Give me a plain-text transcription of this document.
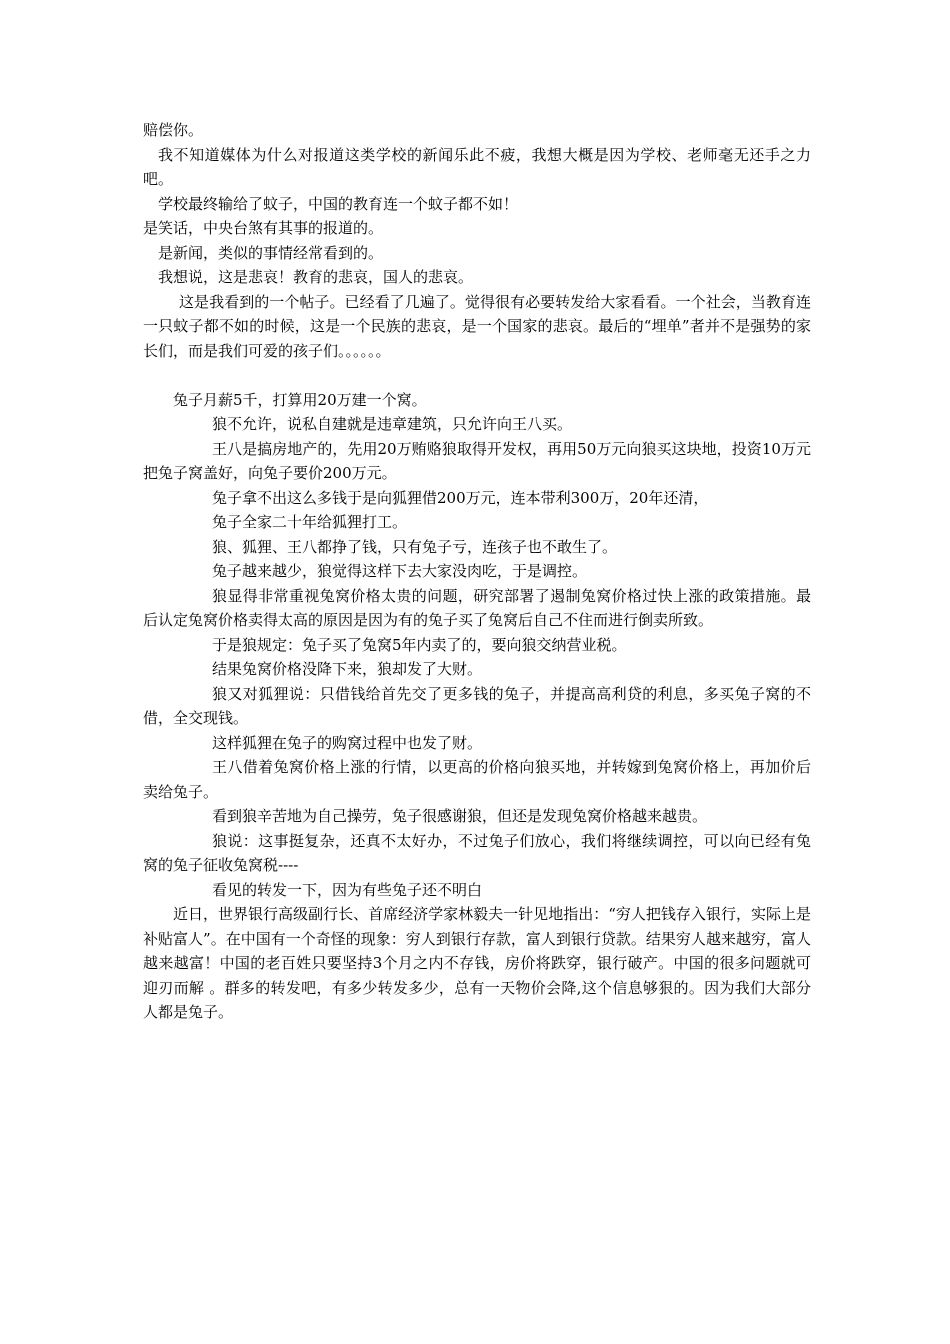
赔偿你。

我不知道媒体为什么对报道这类学校的新闻乐此不疲，我想大概是因为学校、老师毫无还手之力吧。

学校最终输给了蚊子，中国的教育连一个蚊子都不如！

是笑话，中央台煞有其事的报道的。

是新闻，类似的事情经常看到的。

我想说，这是悲哀！教育的悲哀，国人的悲哀。

这是我看到的一个帖子。已经看了几遍了。觉得很有必要转发给大家看看。一个社会，当教育连一只蚊子都不如的时候，这是一个民族的悲哀，是一个国家的悲哀。最后的“埋单”者并不是强势的家长们，而是我们可爱的孩子们。。。。。。

兔子月薪5千，打算用20万建一个窝。

狼不允许，说私自建就是违章建筑，只允许向王八买。

王八是搞房地产的，先用20万贿赂狼取得开发权，再用50万元向狼买这块地，投资10万元把兔子窝盖好，向兔子要价200万元。

兔子拿不出这么多钱于是向狐狸借200万元，连本带利300万，20年还清，

兔子全家二十年给狐狸打工。

狼、狐狸、王八都挣了钱，只有兔子亏，连孩子也不敢生了。

兔子越来越少，狼觉得这样下去大家没肉吃，于是调控。

狼显得非常重视兔窝价格太贵的问题，研究部署了遏制兔窝价格过快上涨的政策措施。最后认定兔窝价格卖得太高的原因是因为有的兔子买了兔窝后自己不住而进行倒卖所致。

于是狼规定：兔子买了兔窝5年内卖了的，要向狼交纳营业税。

结果兔窝价格没降下来，狼却发了大财。

狼又对狐狸说：只借钱给首先交了更多钱的兔子，并提高高利贷的利息，多买兔子窝的不借，全交现钱。

这样狐狸在兔子的购窝过程中也发了财。

王八借着兔窝价格上涨的行情，以更高的价格向狼买地，并转嫁到兔窝价格上，再加价后卖给兔子。

看到狼辛苦地为自己操劳，兔子很感谢狼，但还是发现兔窝价格越来越贵。

狼说：这事挺复杂，还真不太好办，不过兔子们放心，我们将继续调控，可以向已经有兔窝的兔子征收兔窝税----

看见的转发一下，因为有些兔子还不明白

近日，世界银行高级副行长、首席经济学家林毅夫一针见地指出：“穷人把钱存入银行，实际上是补贴富人”。在中国有一个奇怪的现象：穷人到银行存款，富人到银行贷款。结果穷人越来越穷，富人越来越富！中国的老百姓只要坚持3个月之内不存钱，房价将跌穿，银行破产。中国的很多问题就可迎刃而解 。群多的转发吧，有多少转发多少，总有一天物价会降,这个信息够狠的。因为我们大部分人都是兔子。
